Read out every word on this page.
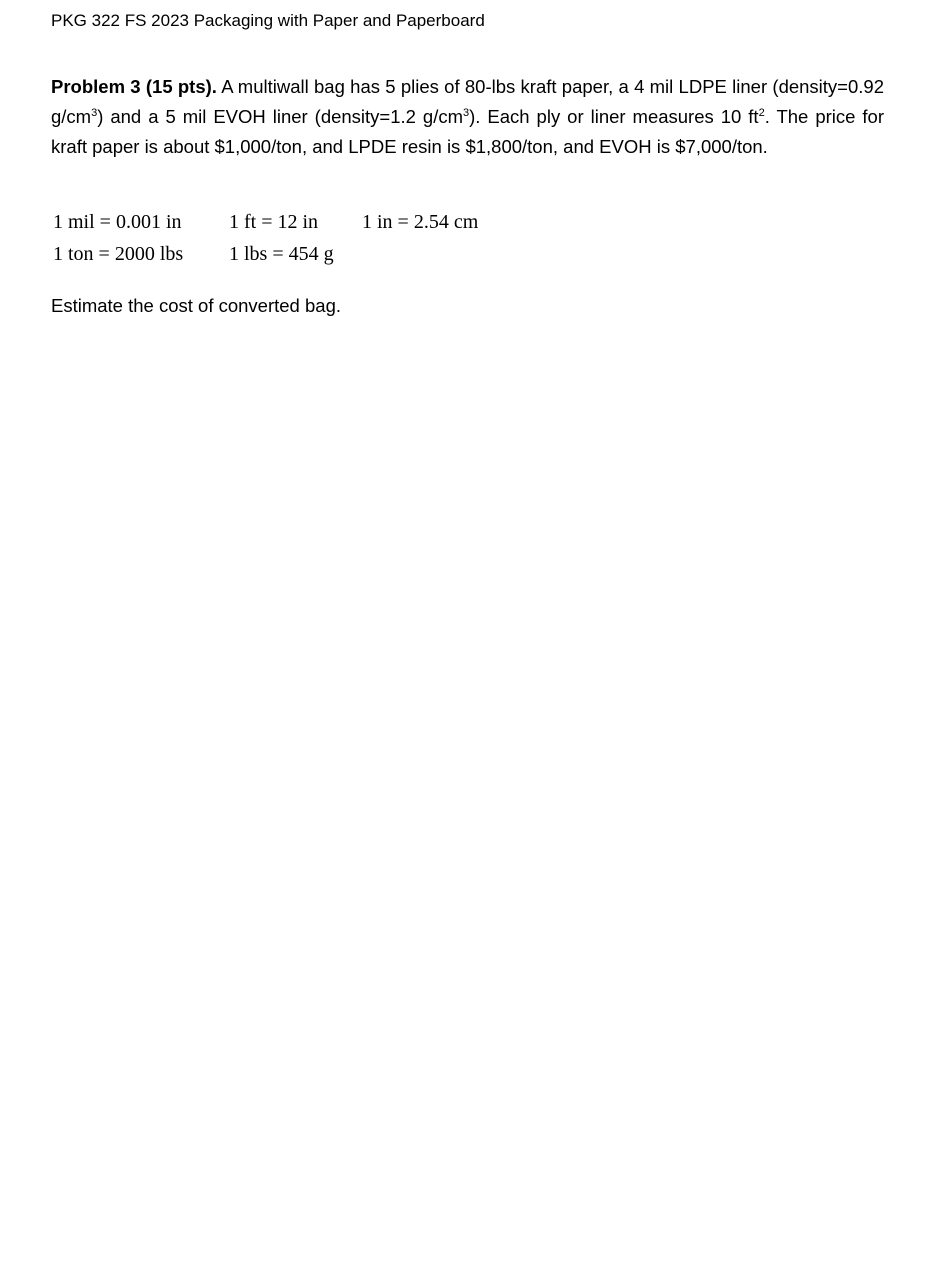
PKG 322 FS 2023 Packaging with Paper and Paperboard
Problem 3 (15 pts). A multiwall bag has 5 plies of 80-lbs kraft paper, a 4 mil LDPE liner (density=0.92 $g/cm^3$) and a 5 mil EVOH liner (density=1.2 $g/cm^3$). Each ply or liner measures 10 $ft^2$. The price for kraft paper is about $1,000/ton, and LPDE resin is $1,800/ton, and EVOH is $7,000/ton.
1 mil = 0.001 in 1 ft = 12 in 1 in = 2.54 cm
1 ton = 2000 lbs 1 lbs = 454 g
Estimate the cost of converted bag.
